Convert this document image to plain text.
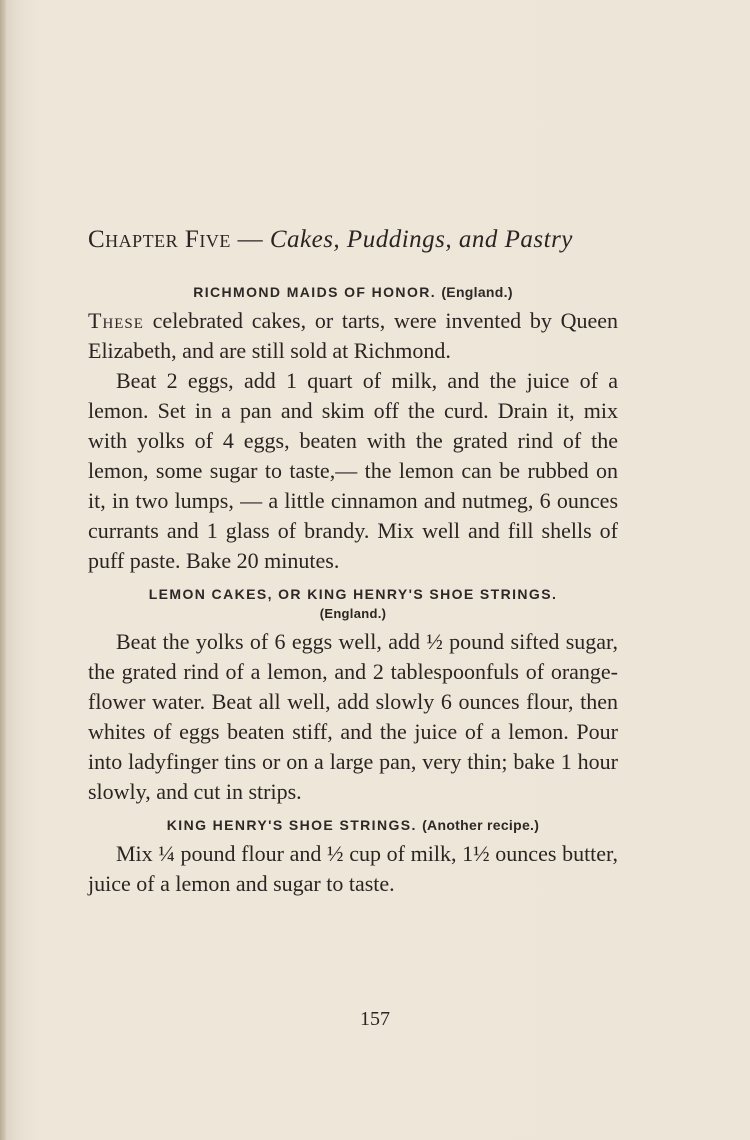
Chapter Five — Cakes, Puddings, and Pastry
RICHMOND MAIDS OF HONOR. (England.)

These celebrated cakes, or tarts, were invented by Queen Elizabeth, and are still sold at Richmond.

Beat 2 eggs, add 1 quart of milk, and the juice of a lemon. Set in a pan and skim off the curd. Drain it, mix with yolks of 4 eggs, beaten with the grated rind of the lemon, some sugar to taste,— the lemon can be rubbed on it, in two lumps, — a little cinnamon and nutmeg, 6 ounces currants and 1 glass of brandy. Mix well and fill shells of puff paste. Bake 20 minutes.

LEMON CAKES, OR KING HENRY'S SHOE STRINGS.
(England.)

Beat the yolks of 6 eggs well, add ½ pound sifted sugar, the grated rind of a lemon, and 2 tablespoonfuls of orange-flower water. Beat all well, add slowly 6 ounces flour, then whites of eggs beaten stiff, and the juice of a lemon. Pour into ladyfinger tins or on a large pan, very thin; bake 1 hour slowly, and cut in strips.

KING HENRY'S SHOE STRINGS. (Another recipe.)

Mix ¼ pound flour and ½ cup of milk, 1½ ounces butter, juice of a lemon and sugar to taste.

157
